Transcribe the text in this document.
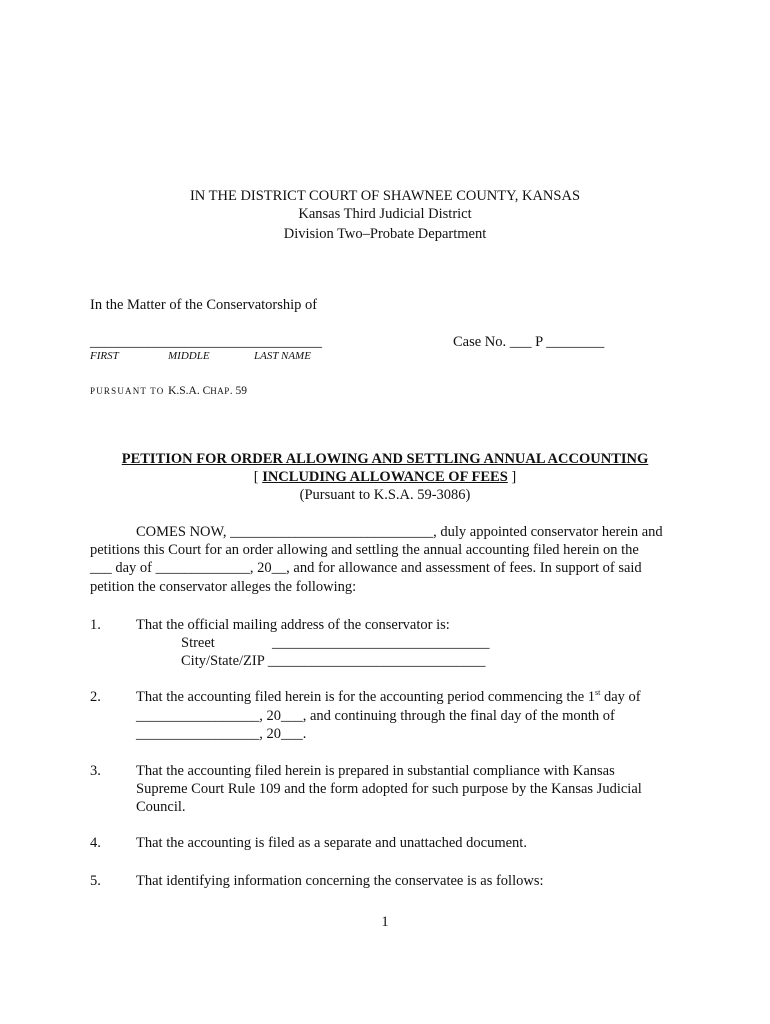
IN THE DISTRICT COURT OF SHAWNEE COUNTY, KANSAS
Kansas Third Judicial District
Division Two–Probate Department
In the Matter of the Conservatorship of
________________________________	Case No. ___ P ________
FIRST	MIDDLE	LAST NAME
PURSUANT TO K.S.A. CHAP. 59
PETITION FOR ORDER ALLOWING AND SETTLING ANNUAL ACCOUNTING
[ INCLUDING ALLOWANCE OF FEES ]
(Pursuant to K.S.A. 59-3086)
COMES NOW, ____________________________, duly appointed conservator herein and
petitions this Court for an order allowing and settling the annual accounting filed herein on the
___ day of _____________, 20__, and for allowance and assessment of fees. In support of said
petition the conservator alleges the following:
1. That the official mailing address of the conservator is:
Street	______________________________
City/State/ZIP ______________________________
2. That the accounting filed herein is for the accounting period commencing the 1st day of
_________________, 20___, and continuing through the final day of the month of
_________________, 20___.
3. That the accounting filed herein is prepared in substantial compliance with Kansas
Supreme Court Rule 109 and the form adopted for such purpose by the Kansas Judicial
Council.
4. That the accounting is filed as a separate and unattached document.
5. That identifying information concerning the conservatee is as follows:
1
